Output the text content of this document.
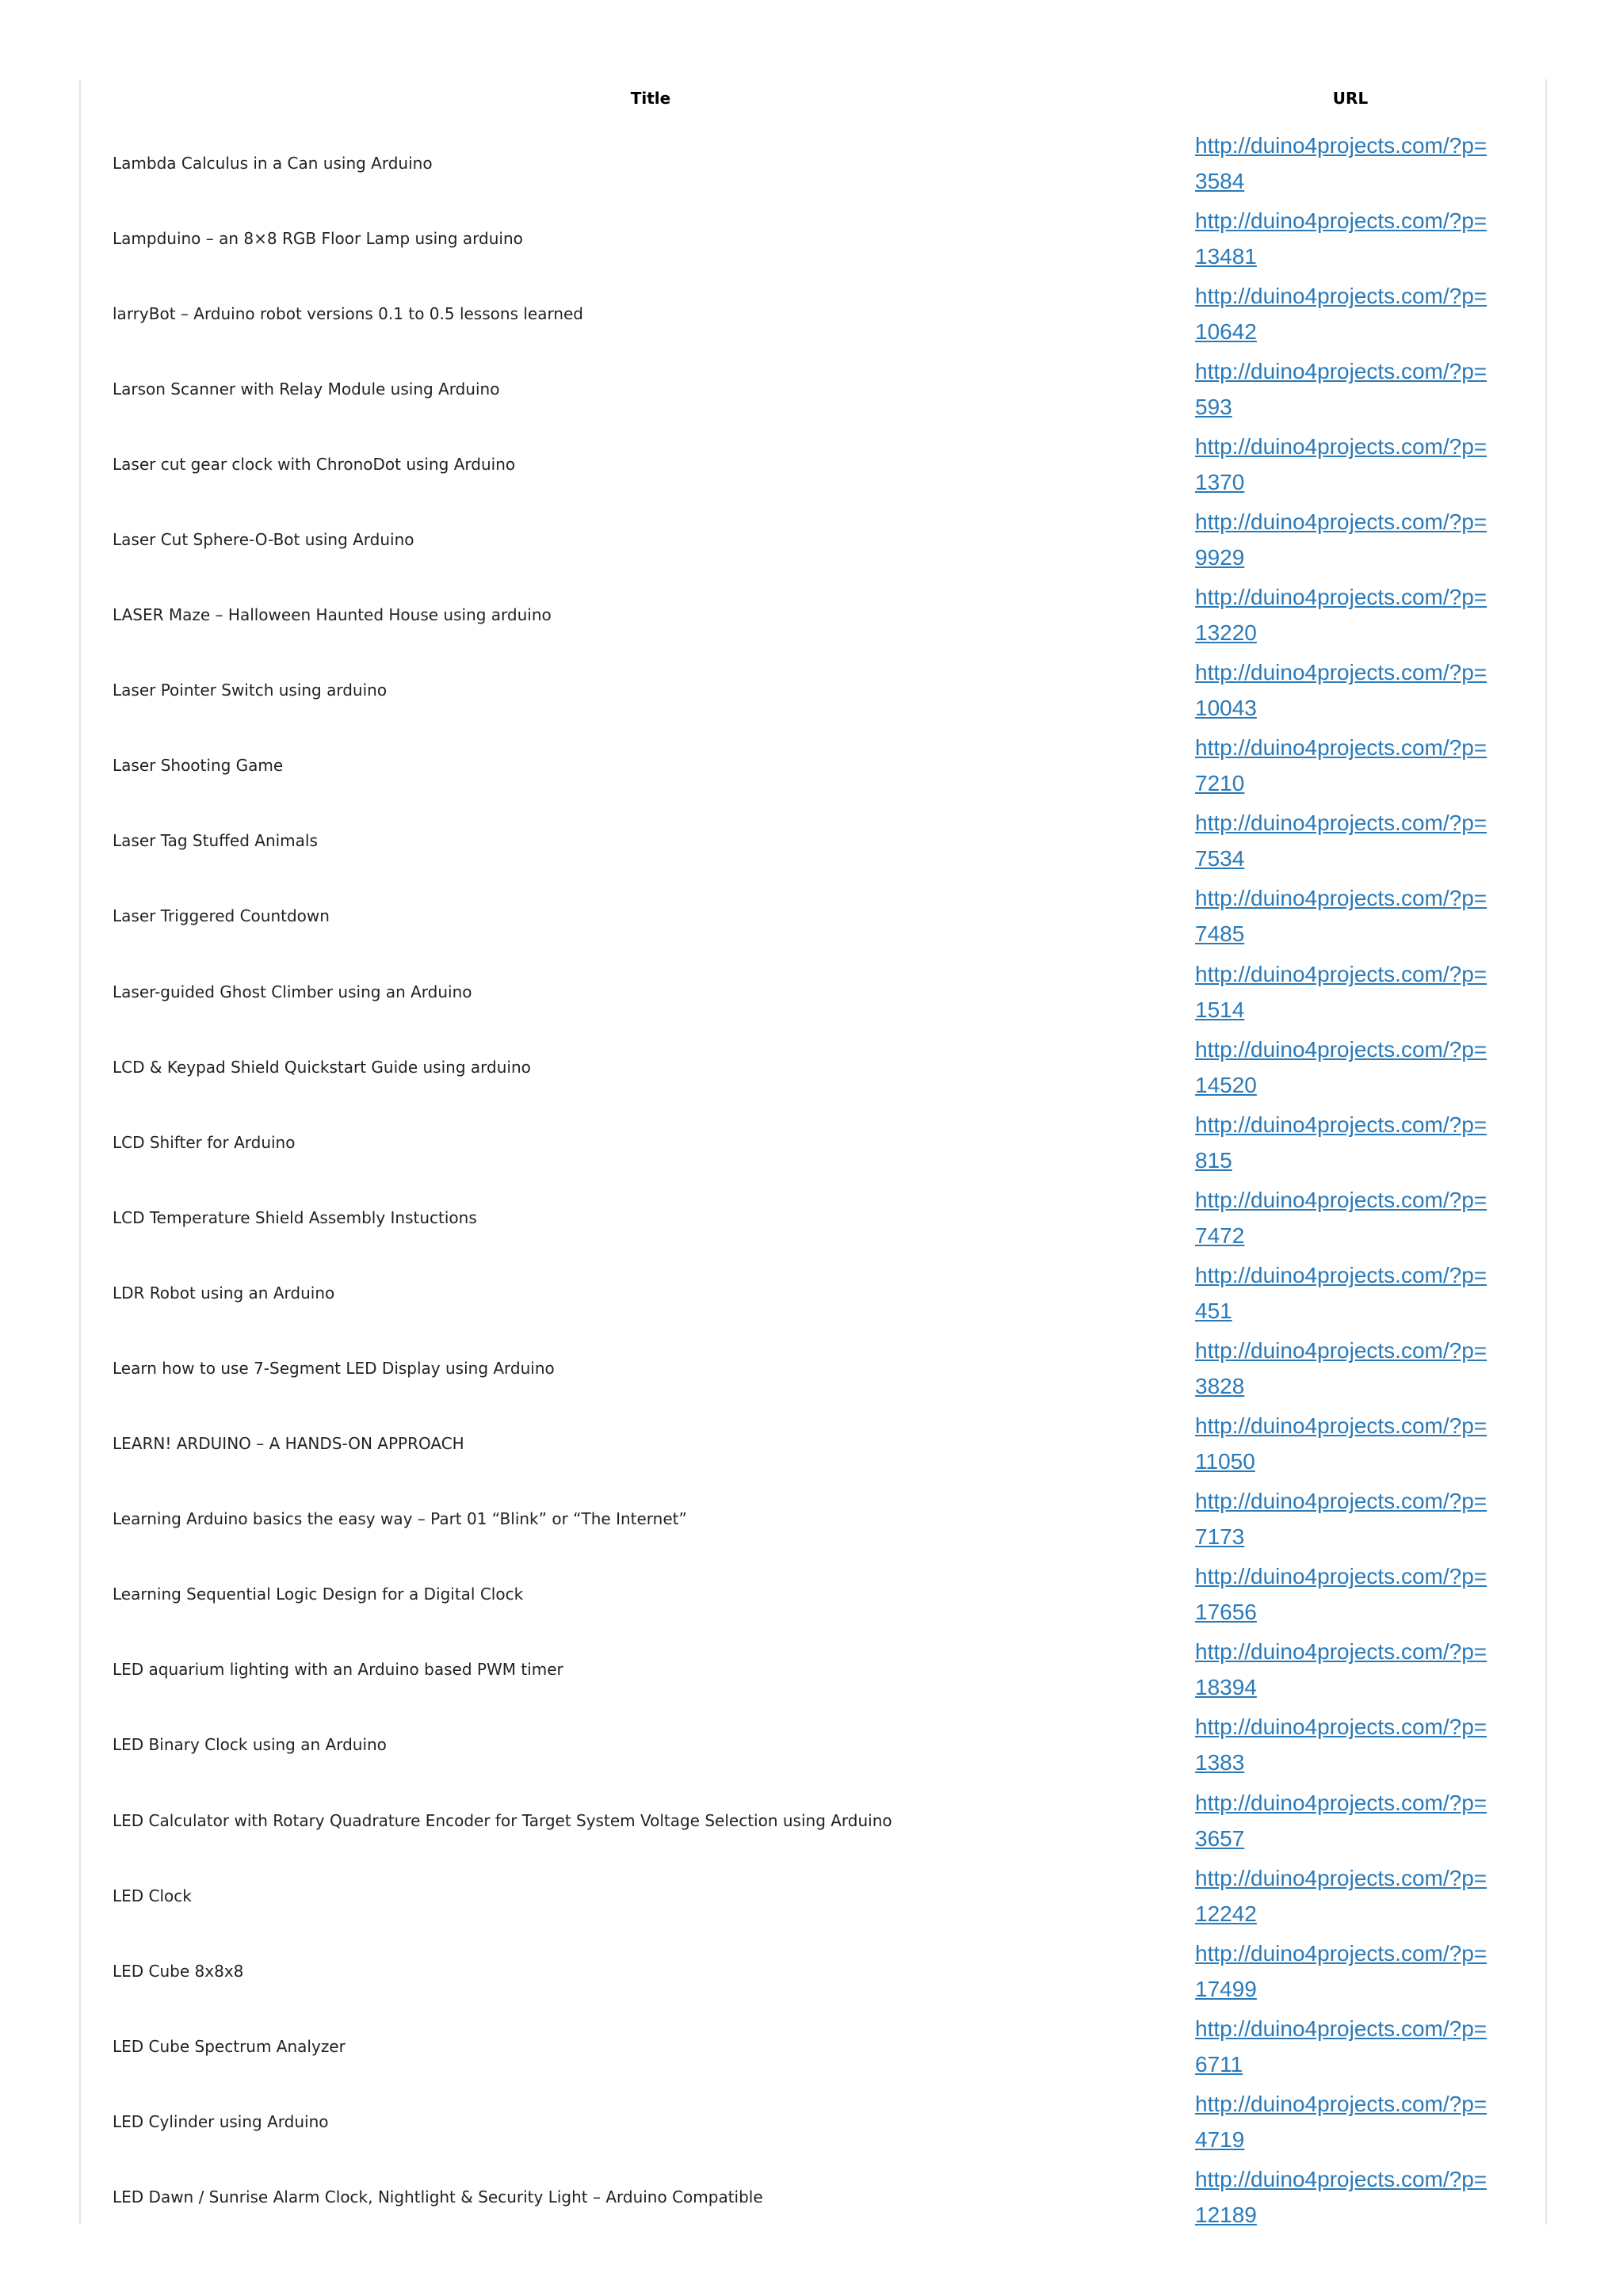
Title	URL
Lambda Calculus in a Can using Arduino
http://duino4projects.com/?p=3584
Lampduino – an 8×8 RGB Floor Lamp using arduino
http://duino4projects.com/?p=13481
larryBot – Arduino robot versions 0.1 to 0.5 lessons learned
http://duino4projects.com/?p=10642
Larson Scanner with Relay Module using Arduino
http://duino4projects.com/?p=593
Laser cut gear clock with ChronoDot using Arduino
http://duino4projects.com/?p=1370
Laser Cut Sphere-O-Bot using Arduino
http://duino4projects.com/?p=9929
LASER Maze – Halloween Haunted House using arduino
http://duino4projects.com/?p=13220
Laser Pointer Switch using arduino
http://duino4projects.com/?p=10043
Laser Shooting Game
http://duino4projects.com/?p=7210
Laser Tag Stuffed Animals
http://duino4projects.com/?p=7534
Laser Triggered Countdown
http://duino4projects.com/?p=7485
Laser-guided Ghost Climber using an Arduino
http://duino4projects.com/?p=1514
LCD & Keypad Shield Quickstart Guide using arduino
http://duino4projects.com/?p=14520
LCD Shifter for Arduino
http://duino4projects.com/?p=815
LCD Temperature Shield Assembly Instuctions
http://duino4projects.com/?p=7472
LDR Robot using an Arduino
http://duino4projects.com/?p=451
Learn how to use 7-Segment LED Display using Arduino
http://duino4projects.com/?p=3828
LEARN! ARDUINO – A HANDS-ON APPROACH
http://duino4projects.com/?p=11050
Learning Arduino basics the easy way – Part 01 “Blink” or “The Internet”
http://duino4projects.com/?p=7173
Learning Sequential Logic Design for a Digital Clock
http://duino4projects.com/?p=17656
LED aquarium lighting with an Arduino based PWM timer
http://duino4projects.com/?p=18394
LED Binary Clock using an Arduino
http://duino4projects.com/?p=1383
LED Calculator with Rotary Quadrature Encoder for Target System Voltage Selection using Arduino
http://duino4projects.com/?p=3657
LED Clock
http://duino4projects.com/?p=12242
LED Cube 8x8x8
http://duino4projects.com/?p=17499
LED Cube Spectrum Analyzer
http://duino4projects.com/?p=6711
LED Cylinder using Arduino
http://duino4projects.com/?p=4719
LED Dawn / Sunrise Alarm Clock, Nightlight & Security Light – Arduino Compatible
http://duino4projects.com/?p=12189
